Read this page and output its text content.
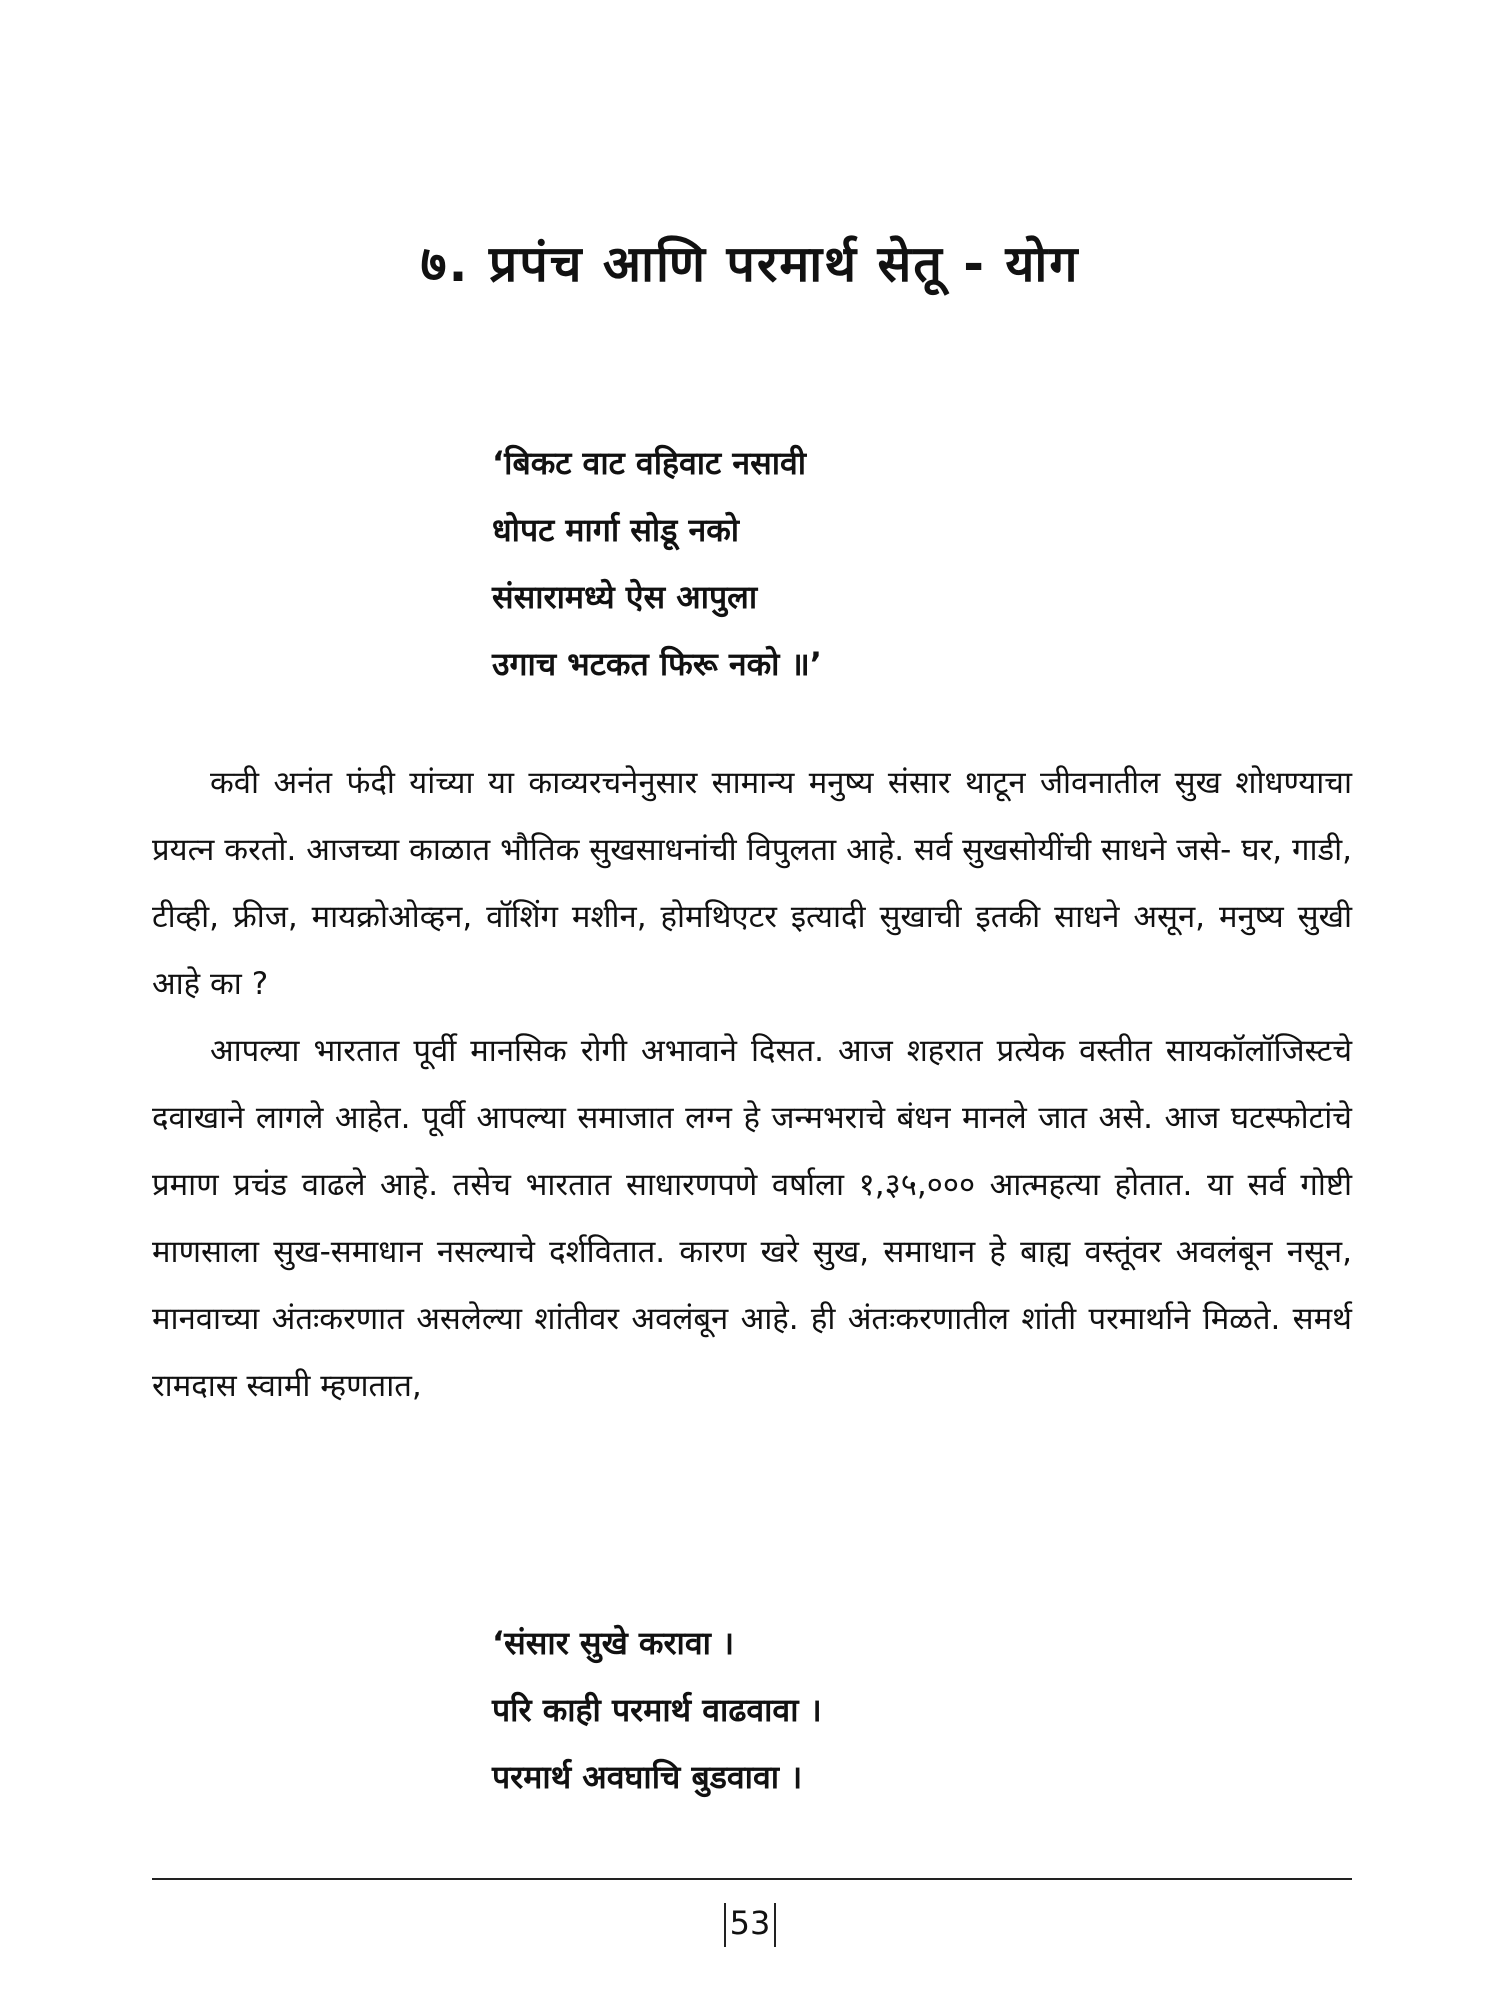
७. प्रपंच आणि परमार्थ सेतू - योग
‘बिकट वाट वहिवाट नसावी
धोपट मार्गा सोडू नको
संसारामध्ये ऐस आपुला
उगाच भटकत फिरू नको ॥’

कवी अनंत फंदी यांच्या या काव्यरचनेनुसार सामान्य मनुष्य संसार थाटून जीवनातील सुख शोधण्याचा प्रयत्न करतो. आजच्या काळात भौतिक सुखसाधनांची विपुलता आहे. सर्व सुखसोयींची साधने जसे- घर, गाडी, टीव्ही, फ्रीज, मायक्रोओव्हन, वॉशिंग मशीन, होमथिएटर इत्यादी सुखाची इतकी साधने असून, मनुष्य सुखी आहे का ?

आपल्या भारतात पूर्वी मानसिक रोगी अभावाने दिसत. आज शहरात प्रत्येक वस्तीत सायकॉलॉजिस्टचे दवाखाने लागले आहेत. पूर्वी आपल्या समाजात लग्न हे जन्मभराचे बंधन मानले जात असे. आज घटस्फोटांचे प्रमाण प्रचंड वाढले आहे. तसेच भारतात साधारणपणे वर्षाला १,३५,००० आत्महत्या होतात. या सर्व गोष्टी माणसाला सुख-समाधान नसल्याचे दर्शवितात. कारण खरे सुख, समाधान हे बाह्य वस्तूंवर अवलंबून नसून, मानवाच्या अंतःकरणात असलेल्या शांतीवर अवलंबून आहे. ही अंतःकरणातील शांती परमार्थाने मिळते. समर्थ रामदास स्वामी म्हणतात,

‘संसार सुखे करावा ।
परि काही परमार्थ वाढवावा ।
परमार्थ अवघाचि बुडवावा ।
53
